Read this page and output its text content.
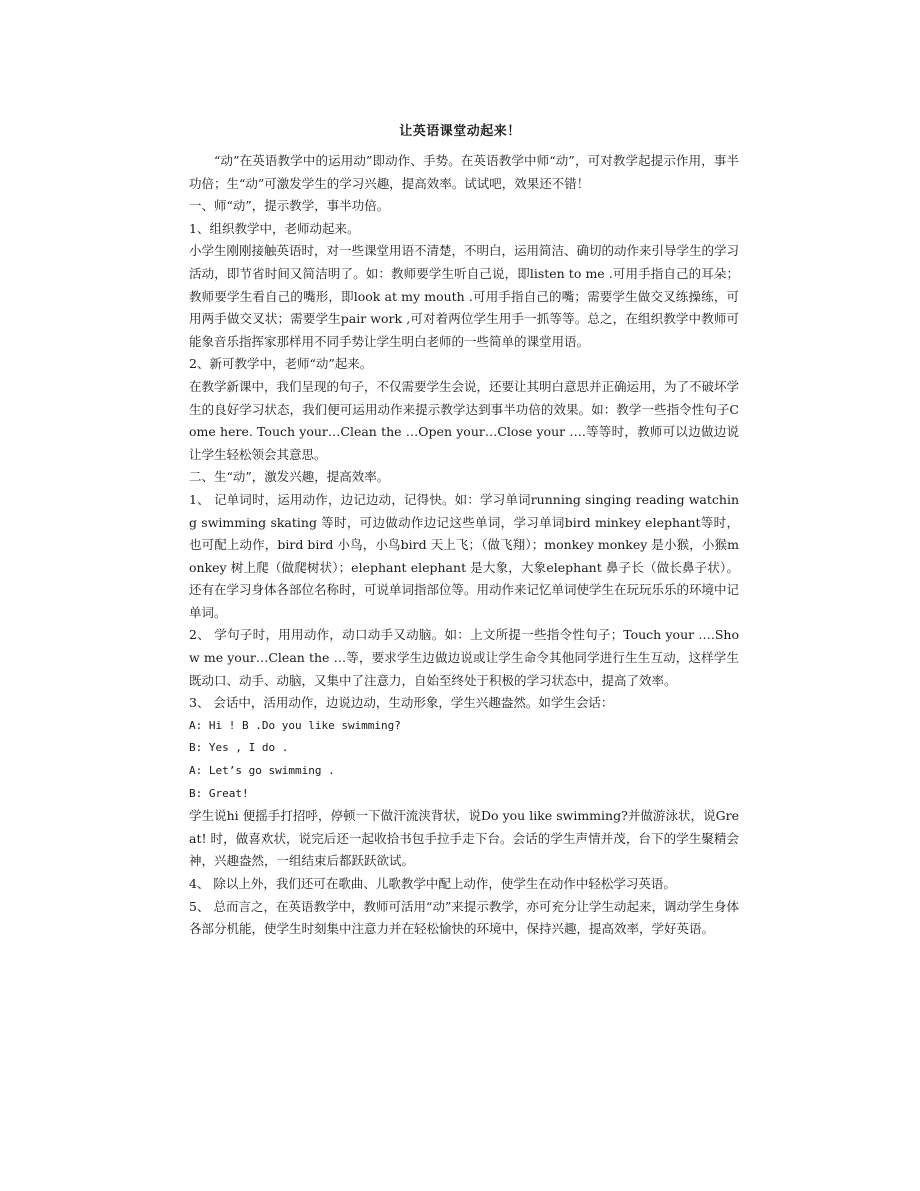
让英语课堂动起来！

“动”在英语教学中的运用动”即动作、手势。在英语教学中师“动”，可对教学起提示作用，事半功倍；生“动”可激发学生的学习兴趣，提高效率。试试吧，效果还不错！

一、师“动”，提示教学，事半功倍。

1、组织教学中，老师动起来。

小学生刚刚接触英语时，对一些课堂用语不清楚，不明白，运用简洁、确切的动作来引导学生的学习活动，即节省时间又简洁明了。如：教师要学生听自己说，即listen to me .可用手指自己的耳朵；教师要学生看自己的嘴形，即look at my mouth .可用手指自己的嘴；需要学生做交叉练操练，可用两手做交叉状；需要学生pair work ,可对着两位学生用手一抓等等。总之，在组织教学中教师可能象音乐指挥家那样用不同手势让学生明白老师的一些简单的课堂用语。

2、新可教学中，老师“动”起来。

在教学新课中，我们呈现的句子，不仅需要学生会说，还要让其明白意思并正确运用，为了不破坏学生的良好学习状态，我们便可运用动作来提示教学达到事半功倍的效果。如：教学一些指令性句子Come here. Touch your…Clean the …Open your…Close your ….等等时，教师可以边做边说让学生轻松领会其意思。

二、生“动”，激发兴趣，提高效率。

1、 记单词时，运用动作，边记边动，记得快。如：学习单词running singing reading watching swimming skating 等时，可边做动作边记这些单词，学习单词bird minkey elephant等时，也可配上动作，bird bird 小鸟，小鸟bird 天上飞；（做飞翔）；monkey monkey 是小猴，小猴monkey 树上爬（做爬树状）；elephant elephant 是大象，大象elephant 鼻子长（做长鼻子状）。还有在学习身体各部位名称时，可说单词指部位等。用动作来记忆单词使学生在玩玩乐乐的环境中记单词。

2、 学句子时，用用动作，动口动手又动脑。如：上文所提一些指令性句子；Touch your ….Show me your…Clean the …等，要求学生边做边说或让学生命令其他同学进行生生互动，这样学生既动口、动手、动脑，又集中了注意力，自始至终处于积极的学习状态中，提高了效率。

3、 会话中，活用动作，边说边动，生动形象，学生兴趣盎然。如学生会话：

A: Hi ! B .Do you like swimming?

B: Yes , I do .

A: Let’s go swimming .

B: Great!

学生说hi 便摇手打招呼，停顿一下做汗流浃背状，说Do you like swimming?并做游泳状，说Great! 时，做喜欢状，说完后还一起收拾书包手拉手走下台。会话的学生声情并茂，台下的学生聚精会神，兴趣盎然，一组结束后都跃跃欲试。

4、 除以上外，我们还可在歌曲、儿歌教学中配上动作，使学生在动作中轻松学习英语。

5、 总而言之，在英语教学中，教师可活用“动”来提示教学，亦可充分让学生动起来，调动学生身体各部分机能，使学生时刻集中注意力并在轻松愉快的环境中，保持兴趣，提高效率，学好英语。
